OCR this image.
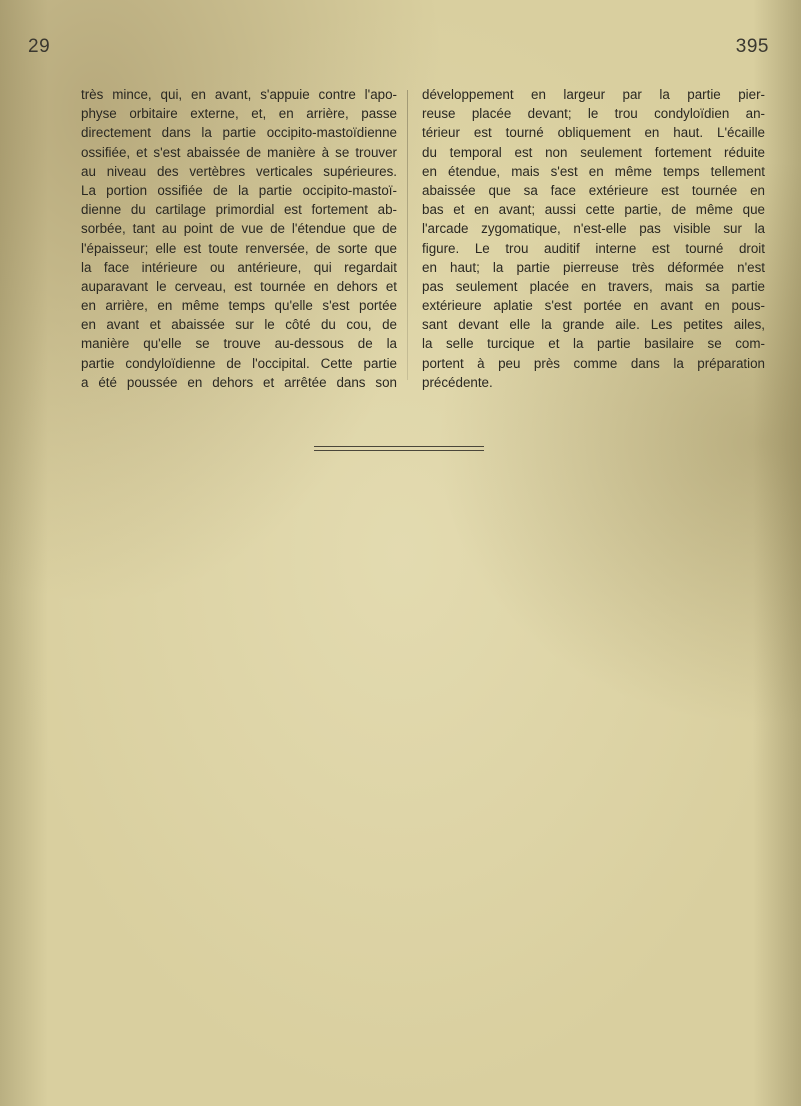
29	395
très mince, qui, en avant, s'appuie contre l'apo-
physe orbitaire externe, et, en arrière, passe
directement dans la partie occipito-mastoïdienne
ossifiée, et s'est abaissée de manière à se trouver
au niveau des vertèbres verticales supérieures.
La portion ossifiée de la partie occipito-mastoï-
dienne du cartilage primordial est fortement ab-
sorbée, tant au point de vue de l'étendue que de
l'épaisseur; elle est toute renversée, de sorte que
la face intérieure ou antérieure, qui regardait
auparavant le cerveau, est tournée en dehors et
en arrière, en même temps qu'elle s'est portée
en avant et abaissée sur le côté du cou, de
manière qu'elle se trouve au-dessous de la
partie condyloïdienne de l'occipital. Cette partie
a été poussée en dehors et arrêtée dans son
développement en largeur par la partie pier-
reuse placée devant; le trou condyloïdien an-
térieur est tourné obliquement en haut. L'écaille
du temporal est non seulement fortement réduite
en étendue, mais s'est en même temps tellement
abaissée que sa face extérieure est tournée en
bas et en avant; aussi cette partie, de même que
l'arcade zygomatique, n'est-elle pas visible sur la
figure. Le trou auditif interne est tourné droit
en haut; la partie pierreuse très déformée n'est
pas seulement placée en travers, mais sa partie
extérieure aplatie s'est portée en avant en pous-
sant devant elle la grande aile. Les petites ailes,
la selle turcique et la partie basilaire se com-
portent à peu près comme dans la préparation
précédente.
